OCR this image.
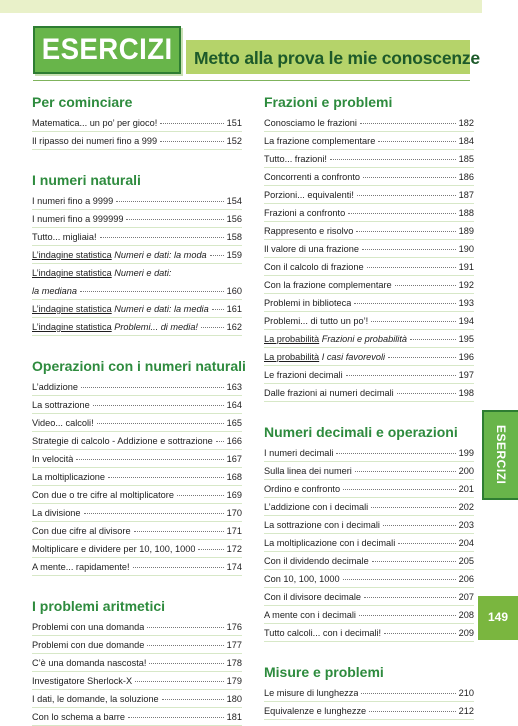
ESERCIZI Metto alla prova le mie conoscenze
Per cominciare
Matematica... un po’ per gioco!	151
Il ripasso dei numeri fino a 999	152
I numeri naturali
I numeri fino a 9999	154
I numeri fino a 999999	156
Tutto... migliaia!	158
L’indagine statistica Numeri e dati: la moda 159
L’indagine statistica Numeri e dati:
la mediana	160
L’indagine statistica Numeri e dati: la media 161
L’indagine statistica Problemi... di media!	162
Operazioni con i numeri naturali
L’addizione	163
La sottrazione	164
Video... calcoli!	165
Strategie di calcolo - Addizione e sottrazione 166
In velocità	167
La moltiplicazione	168
Con due o tre cifre al moltiplicatore	169
La divisione	170
Con due cifre al divisore	171
Moltiplicare e dividere per 10, 100, 1000	172
A mente... rapidamente!	174
I problemi aritmetici
Problemi con una domanda	176
Problemi con due domande	177
C’è una domanda nascosta!	178
Investigatore Sherlock-X	179
I dati, le domande, la soluzione	180
Con lo schema a barre	181
Frazioni e problemi
Conosciamo le frazioni	182
La frazione complementare	184
Tutto... frazioni!	185
Concorrenti a confronto	186
Porzioni... equivalenti!	187
Frazioni a confronto	188
Rappresento e risolvo	189
Il valore di una frazione	190
Con il calcolo di frazione	191
Con la frazione complementare	192
Problemi in biblioteca	193
Problemi... di tutto un po’!	194
La probabilità Frazioni e probabilità	195
La probabilità I casi favorevoli	196
Le frazioni decimali	197
Dalle frazioni ai numeri decimali	198
Numeri decimali e operazioni
I numeri decimali	199
Sulla linea dei numeri	200
Ordino e confronto	201
L’addizione con i decimali	202
La sottrazione con i decimali	203
La moltiplicazione con i decimali	204
Con il dividendo decimale	205
Con 10, 100, 1000	206
Con il divisore decimale	207
A mente con i decimali	208
Tutto calcoli... con i decimali!	209
Misure e problemi
Le misure di lunghezza	210
Equivalenze e lunghezze	212
ESERCIZI
149
